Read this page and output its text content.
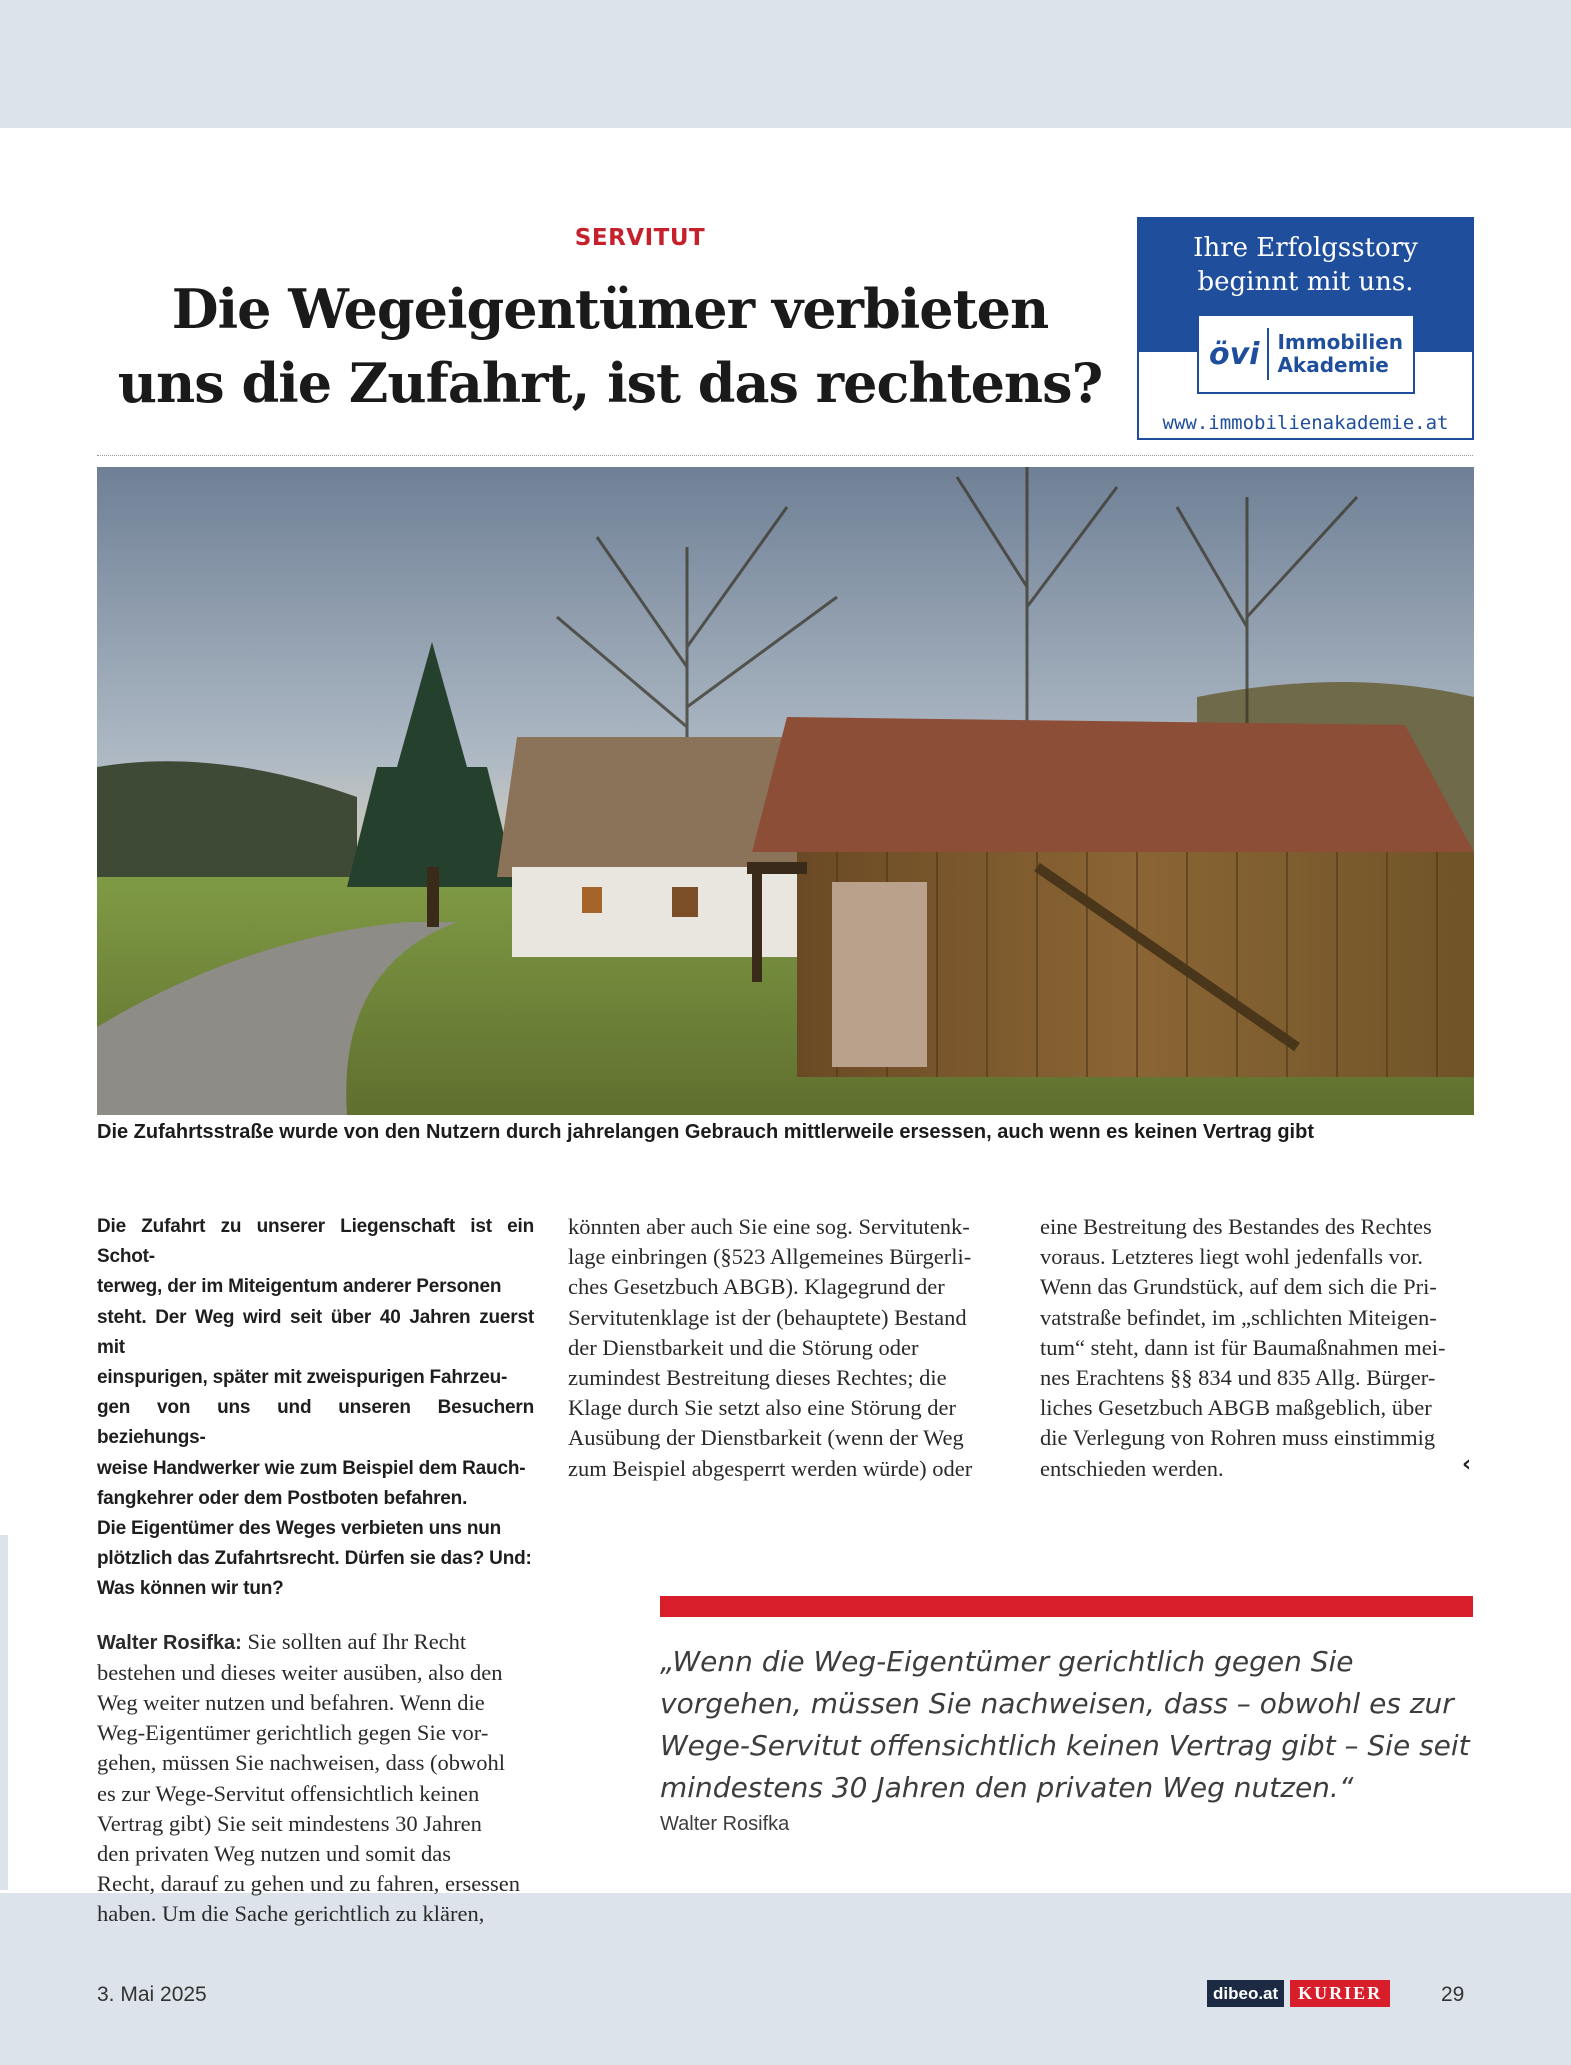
SERVITUT
Die Wegeigentümer verbieten
uns die Zufahrt, ist das rechtens?
Ihre Erfolgsstory
beginnt mit uns.
övi Immobilien
Akademie
www.immobilienakademie.at
Die Zufahrtsstraße wurde von den Nutzern durch jahrelangen Gebrauch mittlerweile ersessen, auch wenn es keinen Vertrag gibt
Die Zufahrt zu unserer Liegenschaft ist ein Schot-
terweg, der im Miteigentum anderer Personen
steht. Der Weg wird seit über 40 Jahren zuerst mit
einspurigen, später mit zweispurigen Fahrzeu-
gen von uns und unseren Besuchern beziehungs-
weise Handwerker wie zum Beispiel dem Rauch-
fangkehrer oder dem Postboten befahren.
Die Eigentümer des Weges verbieten uns nun
plötzlich das Zufahrtsrecht. Dürfen sie das? Und:
Was können wir tun?
Walter Rosifka: Sie sollten auf Ihr Recht
bestehen und dieses weiter ausüben, also den
Weg weiter nutzen und befahren. Wenn die
Weg-Eigentümer gerichtlich gegen Sie vor-
gehen, müssen Sie nachweisen, dass (obwohl
es zur Wege-Servitut offensichtlich keinen
Vertrag gibt) Sie seit mindestens 30 Jahren
den privaten Weg nutzen und somit das
Recht, darauf zu gehen und zu fahren, ersessen
haben. Um die Sache gerichtlich zu klären,
könnten aber auch Sie eine sog. Servitutenk-
lage einbringen (§523 Allgemeines Bürgerli-
ches Gesetzbuch ABGB). Klagegrund der
Servitutenklage ist der (behauptete) Bestand
der Dienstbarkeit und die Störung oder
zumindest Bestreitung dieses Rechtes; die
Klage durch Sie setzt also eine Störung der
Ausübung der Dienstbarkeit (wenn der Weg
zum Beispiel abgesperrt werden würde) oder
eine Bestreitung des Bestandes des Rechtes
voraus. Letzteres liegt wohl jedenfalls vor.
Wenn das Grundstück, auf dem sich die Pri-
vatstraße befindet, im „schlichten Miteigen-
tum“ steht, dann ist für Baumaßnahmen mei-
nes Erachtens §§ 834 und 835 Allg. Bürger-
liches Gesetzbuch ABGB maßgeblich, über
die Verlegung von Rohren muss einstimmig
entschieden werden.	‹
„Wenn die Weg-Eigentümer gerichtlich gegen Sie
vorgehen, müssen Sie nachweisen, dass – obwohl es zur
Wege-Servitut offensichtlich keinen Vertrag gibt – Sie seit
mindestens 30 Jahren den privaten Weg nutzen.“
Walter Rosifka
3. Mai 2025	dibeo.at	KURIER	29
